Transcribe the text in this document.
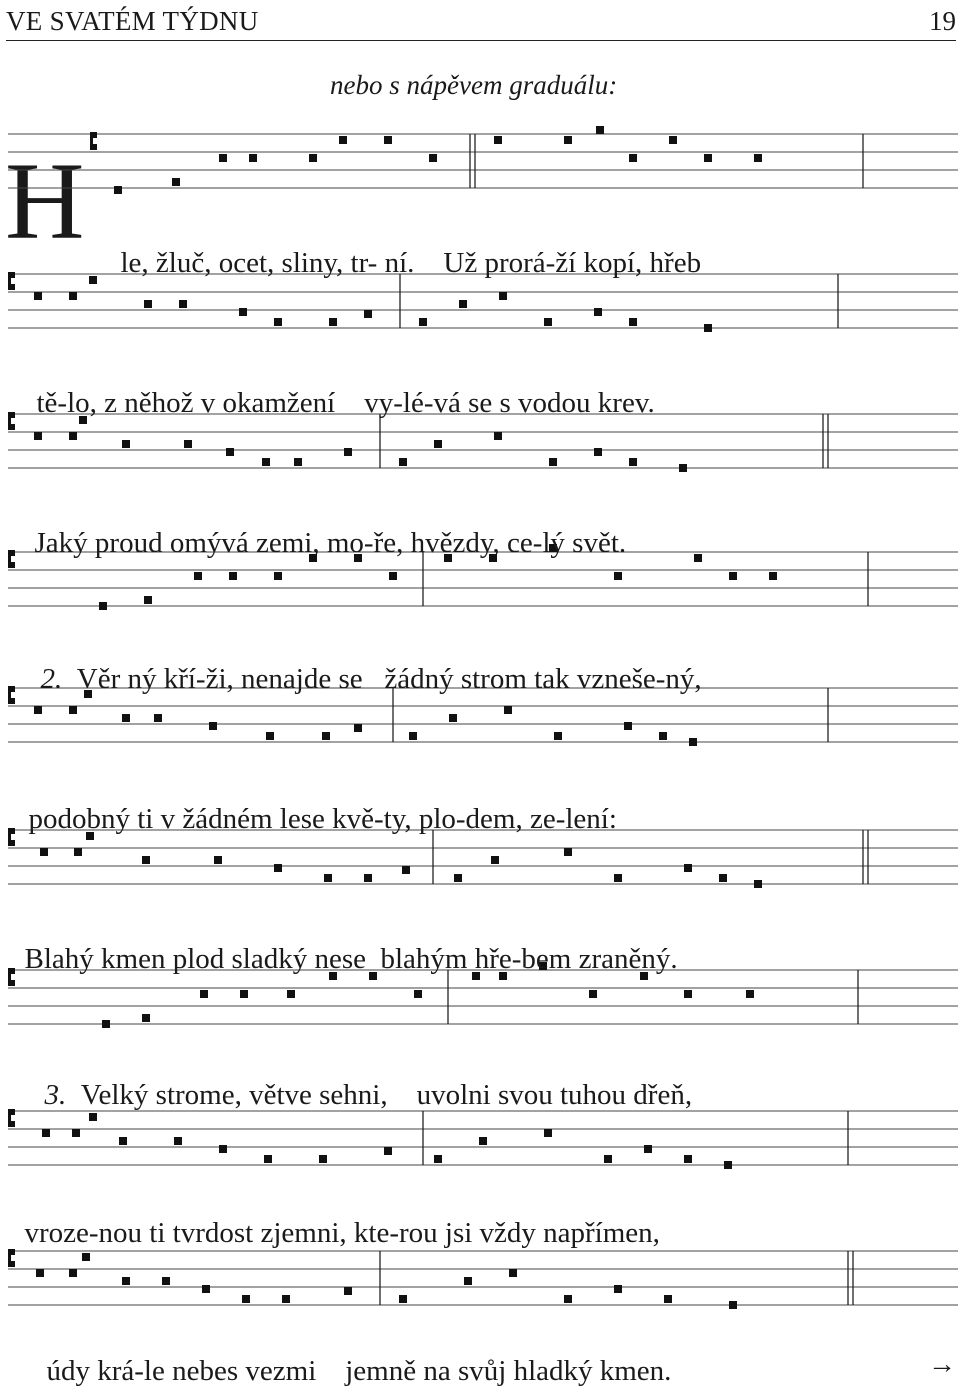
VE SVATÉM TÝDNU	19
nebo s nápěvem graduálu:
H

le, žluč, ocet, sliny, tr- ní.    Už prorá-ží kopí, hřeb

tě-lo, z něhož v okamžení    vy-lé-vá se s vodou krev.

Jaký proud omývá zemi, mo-ře, hvězdy, ce-lý svět.

2. Věr ný kří-ži, nenajde se   žádný strom tak vzneše-ný,

podobný ti v žádném lese kvě-ty, plo-dem, ze-lení:

Blahý kmen plod sladký nese  blahým hře-bem zraněný.

3. Velký strome, větve sehni,    uvolni svou tuhou dřeň,

vroze-nou ti tvrdost zjemni, kte-rou jsi vždy napřímen,

údy krá-le nebes vezmi    jemně na svůj hladký kmen.	→
